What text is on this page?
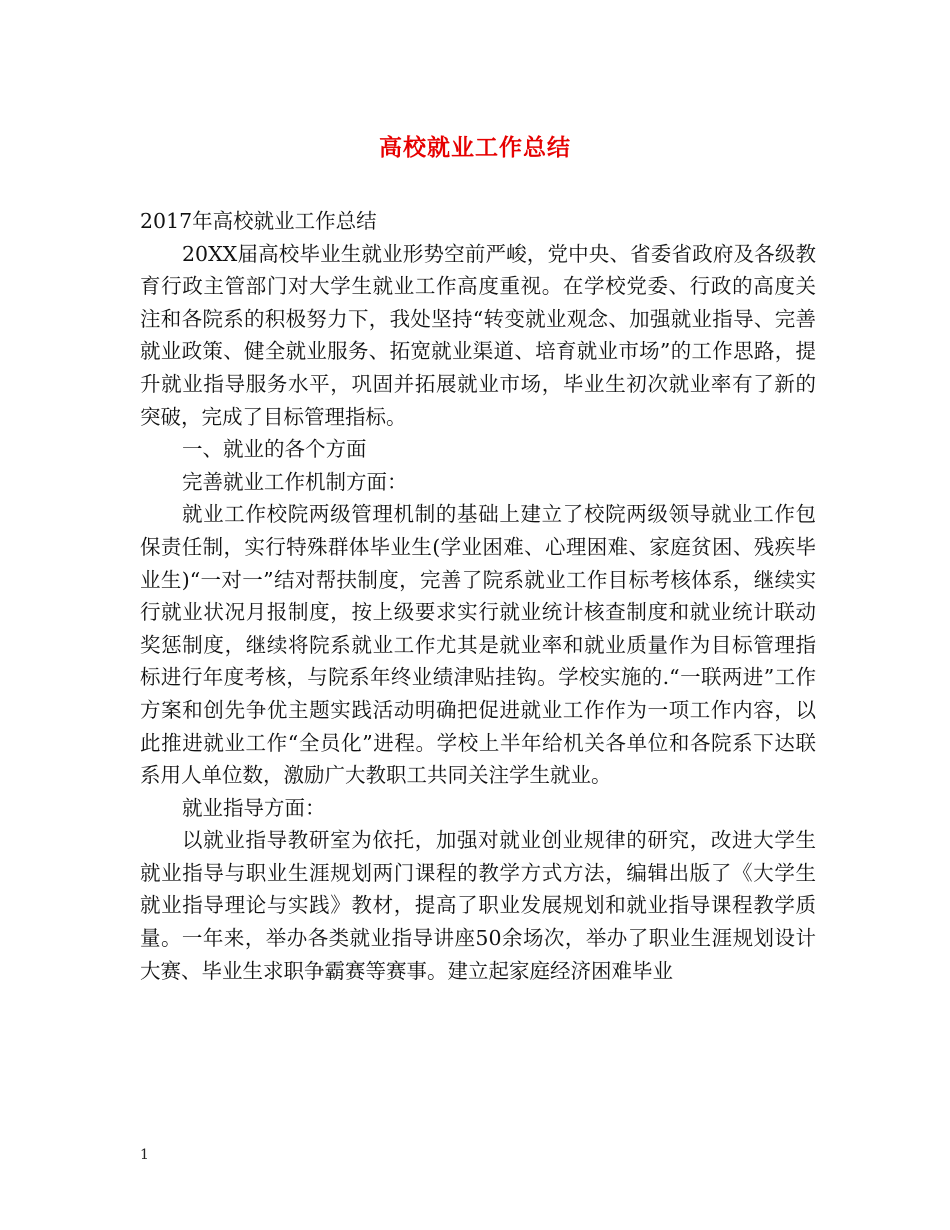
高校就业工作总结

2017年高校就业工作总结

20XX届高校毕业生就业形势空前严峻，党中央、省委省政府及各级教育行政主管部门对大学生就业工作高度重视。在学校党委、行政的高度关注和各院系的积极努力下，我处坚持“转变就业观念、加强就业指导、完善就业政策、健全就业服务、拓宽就业渠道、培育就业市场”的工作思路，提升就业指导服务水平，巩固并拓展就业市场，毕业生初次就业率有了新的突破，完成了目标管理指标。

一、就业的各个方面

完善就业工作机制方面：

就业工作校院两级管理机制的基础上建立了校院两级领导就业工作包保责任制，实行特殊群体毕业生(学业困难、心理困难、家庭贫困、残疾毕业生)“一对一”结对帮扶制度，完善了院系就业工作目标考核体系，继续实行就业状况月报制度，按上级要求实行就业统计核查制度和就业统计联动奖惩制度，继续将院系就业工作尤其是就业率和就业质量作为目标管理指标进行年度考核，与院系年终业绩津贴挂钩。学校实施的.“一联两进”工作方案和创先争优主题实践活动明确把促进就业工作作为一项工作内容，以此推进就业工作“全员化”进程。学校上半年给机关各单位和各院系下达联系用人单位数，激励广大教职工共同关注学生就业。

就业指导方面：

以就业指导教研室为依托，加强对就业创业规律的研究，改进大学生就业指导与职业生涯规划两门课程的教学方式方法，编辑出版了《大学生就业指导理论与实践》教材，提高了职业发展规划和就业指导课程教学质量。一年来，举办各类就业指导讲座50余场次，举办了职业生涯规划设计大赛、毕业生求职争霸赛等赛事。建立起家庭经济困难毕业

1
